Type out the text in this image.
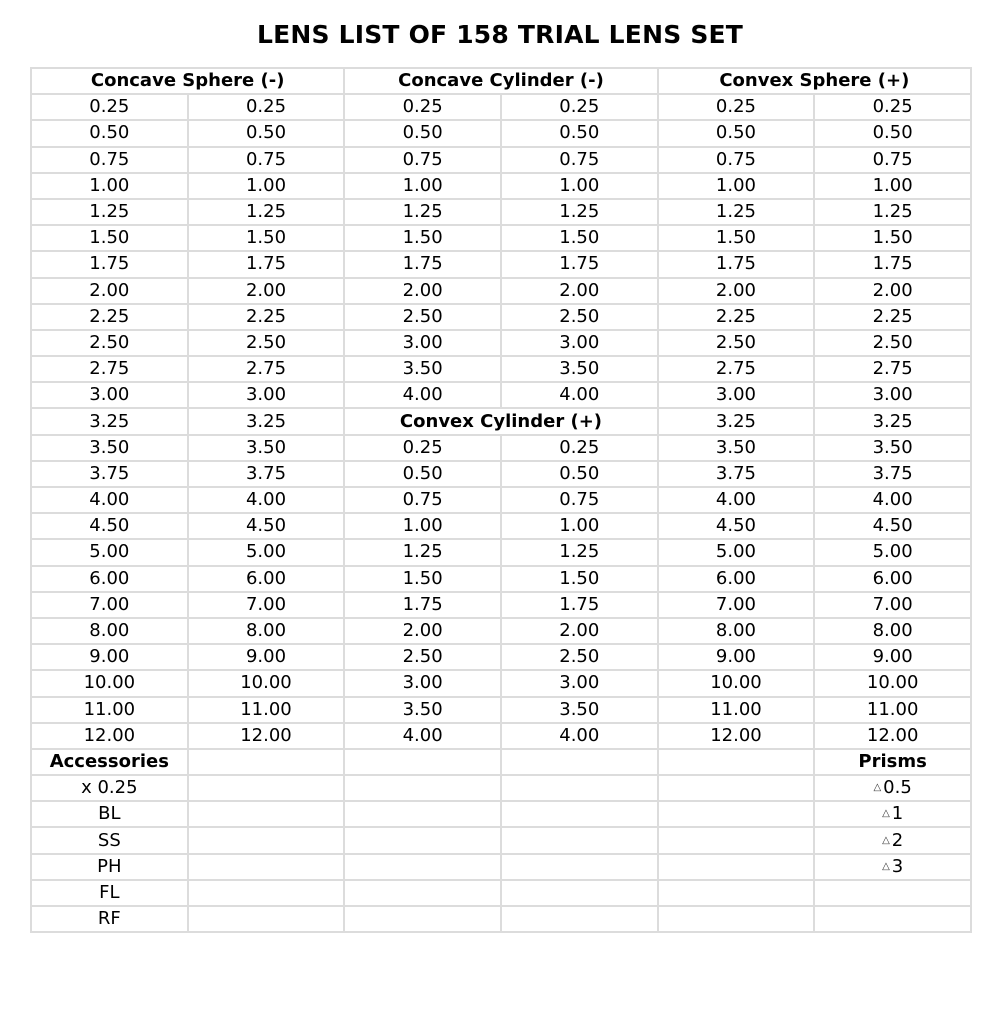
LENS LIST OF 158 TRIAL LENS SET
Concave Sphere (-)		Concave Cylinder (-)		Convex Sphere (+)	
0.25	0.25	0.25	0.25	0.25	0.25
0.50	0.50	0.50	0.50	0.50	0.50
0.75	0.75	0.75	0.75	0.75	0.75
1.00	1.00	1.00	1.00	1.00	1.00
1.25	1.25	1.25	1.25	1.25	1.25
1.50	1.50	1.50	1.50	1.50	1.50
1.75	1.75	1.75	1.75	1.75	1.75
2.00	2.00	2.00	2.00	2.00	2.00
2.25	2.25	2.50	2.50	2.25	2.25
2.50	2.50	3.00	3.00	2.50	2.50
2.75	2.75	3.50	3.50	2.75	2.75
3.00	3.00	4.00	4.00	3.00	3.00
3.25	3.25	Convex Cylinder (+)		3.25	3.25
3.50	3.50	0.25	0.25	3.50	3.50
3.75	3.75	0.50	0.50	3.75	3.75
4.00	4.00	0.75	0.75	4.00	4.00
4.50	4.50	1.00	1.00	4.50	4.50
5.00	5.00	1.25	1.25	5.00	5.00
6.00	6.00	1.50	1.50	6.00	6.00
7.00	7.00	1.75	1.75	7.00	7.00
8.00	8.00	2.00	2.00	8.00	8.00
9.00	9.00	2.50	2.50	9.00	9.00
10.00	10.00	3.00	3.00	10.00	10.00
11.00	11.00	3.50	3.50	11.00	11.00
12.00	12.00	4.00	4.00	12.00	12.00
Accessories					Prisms
x 0.25					△ 0.5
BL					△ 1
SS					△ 2
PH					△ 3
FL					
RF					
